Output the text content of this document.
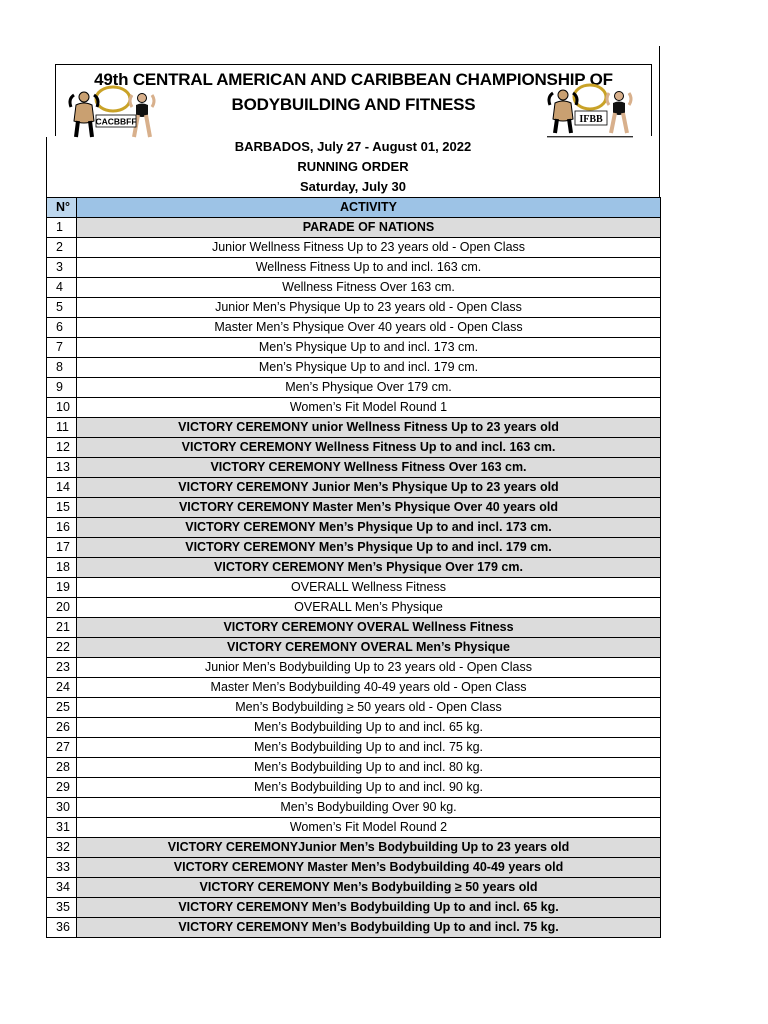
49th CENTRAL AMERICAN AND CARIBBEAN CHAMPIONSHIP OF
BODYBUILDING AND FITNESS
CACBBFF	IFBB
BARBADOS, July 27 - August 01, 2022
RUNNING ORDER
Saturday, July 30
N°	ACTIVITY
1	PARADE OF NATIONS
2	Junior Wellness Fitness Up to 23 years old - Open Class
3	Wellness Fitness Up to and incl. 163 cm.
4	Wellness Fitness Over 163 cm.
5	Junior Men’s Physique Up to 23 years old - Open Class
6	Master Men’s Physique Over 40 years old - Open Class
7	Men’s Physique Up to and incl. 173 cm.
8	Men’s Physique Up to and incl. 179 cm.
9	Men’s Physique Over 179 cm.
10	Women’s Fit Model Round 1
11	VICTORY CEREMONY unior Wellness Fitness Up to 23 years old
12	VICTORY CEREMONY Wellness Fitness Up to and incl. 163 cm.
13	VICTORY CEREMONY Wellness Fitness Over 163 cm.
14	VICTORY CEREMONY Junior Men’s Physique Up to 23 years old
15	VICTORY CEREMONY Master Men’s Physique Over 40 years old
16	VICTORY CEREMONY Men’s Physique Up to and incl. 173 cm.
17	VICTORY CEREMONY Men’s Physique Up to and incl. 179 cm.
18	VICTORY CEREMONY Men’s Physique Over 179 cm.
19	OVERALL Wellness Fitness
20	OVERALL Men’s Physique
21	VICTORY CEREMONY OVERAL Wellness Fitness
22	VICTORY CEREMONY OVERAL Men’s Physique
23	Junior Men’s Bodybuilding Up to 23 years old - Open Class
24	Master Men’s Bodybuilding 40-49 years old - Open Class
25	Men’s Bodybuilding ≥ 50 years old - Open Class
26	Men’s Bodybuilding Up to and incl. 65 kg.
27	Men’s Bodybuilding Up to and incl. 75 kg.
28	Men’s Bodybuilding Up to and incl. 80 kg.
29	Men’s Bodybuilding Up to and incl. 90 kg.
30	Men’s Bodybuilding Over 90 kg.
31	Women’s Fit Model Round 2
32	VICTORY CEREMONYJunior Men’s Bodybuilding Up to 23 years old
33	VICTORY CEREMONY Master Men’s Bodybuilding 40-49 years old
34	VICTORY CEREMONY Men’s Bodybuilding ≥ 50 years old
35	VICTORY CEREMONY Men’s Bodybuilding Up to and incl. 65 kg.
36	VICTORY CEREMONY Men’s Bodybuilding Up to and incl. 75 kg.
